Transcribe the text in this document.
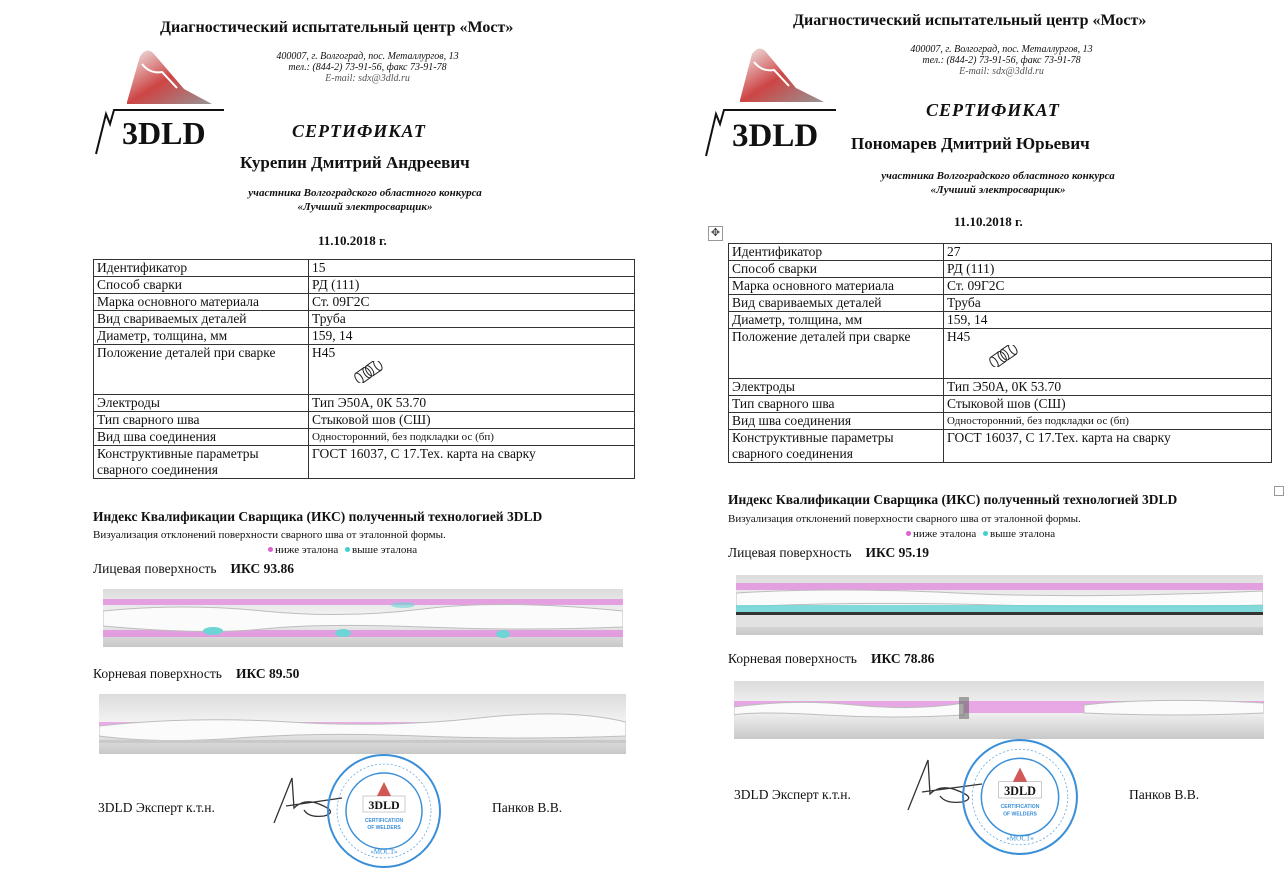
Диагностический испытательный центр «Мост»
3DLD
400007, г. Волгоград, пос. Металлургов, 13
тел.: (844-2) 73-91-56, факс 73-91-78
E-mail: sdx@3dld.ru
СЕРТИФИКАТ
Курепин Дмитрий Андреевич
участника Волгоградского областного конкурса
«Лучший электросварщик»
11.10.2018 г.
Идентификатор	15
Способ сварки	РД (111)
Марка основного материала	Ст. 09Г2С
Вид свариваемых деталей	Труба
Диаметр, толщина, мм	159, 14
Положение деталей при сварке	Н45

Электроды	Тип Э50А, 0К 53.70
Тип сварного шва	Стыковой шов (СШ)
Вид шва соединения	Односторонний, без подкладки ос (бп)
Конструктивные параметры сварного соединения	ГОСТ 16037, С 17.Тех. карта на сварку
Индекс Квалификации Сварщика (ИКС) полученный технологией 3DLD
Визуализация отклонений поверхности сварного шва от эталонной формы.
ниже эталона выше эталона
Лицевая поверхность ИКС 93.86
Корневая поверхность ИКС 89.50
3DLD Эксперт к.т.н.	3DLD
CERTIFICATION
OF WELDERS
«МОСТ»
Панков В.В.
Диагностический испытательный центр «Мост»
3DLD
400007, г. Волгоград, пос. Металлургов, 13
тел.: (844-2) 73-91-56, факс 73-91-78
E-mail: sdx@3dld.ru
СЕРТИФИКАТ
Пономарев Дмитрий Юрьевич
участника Волгоградского областного конкурса
«Лучший электросварщик»
11.10.2018 г.
✥
Идентификатор	27
Способ сварки	РД (111)
Марка основного материала	Ст. 09Г2С
Вид свариваемых деталей	Труба
Диаметр, толщина, мм	159, 14
Положение деталей при сварке	Н45

Электроды	Тип Э50А, 0К 53.70
Тип сварного шва	Стыковой шов (СШ)
Вид шва соединения	Односторонний, без подкладки ос (бп)
Конструктивные параметры сварного соединения	ГОСТ 16037, С 17.Тех. карта на сварку
Индекс Квалификации Сварщика (ИКС) полученный технологией 3DLD
Визуализация отклонений поверхности сварного шва от эталонной формы.
ниже эталона выше эталона
Лицевая поверхность ИКС 95.19
Корневая поверхность ИКС 78.86
3DLD Эксперт к.т.н.	3DLD
CERTIFICATION
OF WELDERS
«МОСТ»
Панков В.В.
